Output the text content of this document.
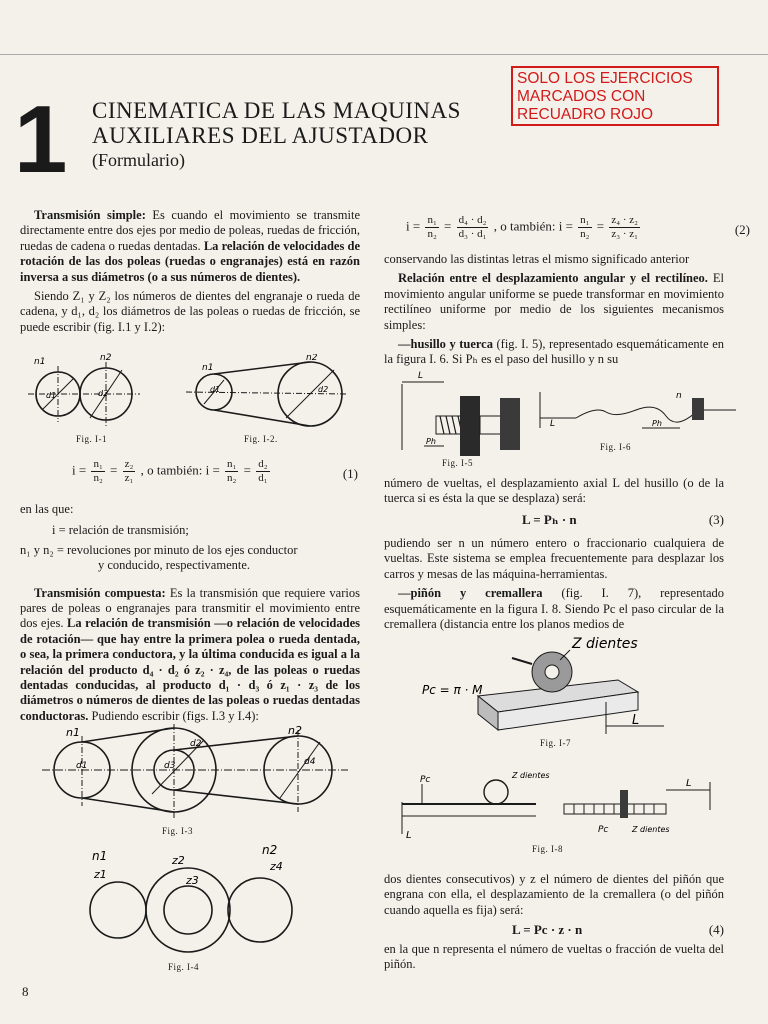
1 CINEMATICA DE LAS MAQUINAS
AUXILIARES DEL AJUSTADOR
(Formulario)
SOLO LOS EJERCICIOS
MARCADOS CON
RECUADRO ROJO

Transmisión simple: Es cuando el movimiento se transmite directamente entre dos ejes por medio de poleas, ruedas de fricción, ruedas de cadena o ruedas dentadas. La relación de velocidades de rotación de las dos poleas (ruedas o engranajes) está en razón inversa a sus diámetros (o a sus números de dientes).

Siendo Z₁ y Z₂ los números de dientes del engranaje o rueda de cadena, y d₁, d₂ los diámetros de las poleas o ruedas de fricción, se puede escribir (fig. I.1 y I.2):

n1	n2
d1	d2
Fig. I-1
n1
n2
d1	d2
Fig. I-2.
$i = \frac{\text{n₁}}{\text{n₂}} = \frac{\text{z₂}}{\text{z₁}}$ , o también: $i = \frac{\text{n₁}}{\text{n₂}} = \frac{\text{d₂}}{\text{d₁}}$	(1)

en las que:

i = relación de transmisión;

n₁ y n₂ = revoluciones por minuto de los ejes conductor

y conducido, respectivamente.

Transmisión compuesta: Es la transmisión que requiere varios pares de poleas o engranajes para transmitir el movimiento entre dos ejes. La relación de transmisión —o relación de velocidades de rotación— que hay entre la primera polea o rueda dentada, o sea, la primera conductora, y la última conducida es igual a la relación del producto d₄ · d₂ ó z₂ · z₄, de las poleas o ruedas dentadas conducidas, al producto d₁ · d₃ ó z₁ · z₃ de los diámetros o números de dientes de las poleas o ruedas dentadas conductoras. Pudiendo escribir (figs. I.3 y I.4):

n1
d1	d3
d2
n2
d4
Fig. I-3
n1
z1
z2
z3
n2
z4
Fig. I-4
$i = \frac{\text{n₁}}{\text{n₂}} = \frac{\text{d₄ · d₂}}{\text{d₃ · d₁}}$ , o también: $i = \frac{\text{n₁}}{\text{n₂}} = \frac{\text{z₄ · z₂}}{\text{z₃ · z₁}}$	(2)

conservando las distintas letras el mismo significado anterior

Relación entre el desplazamiento angular y el rectilíneo. El movimiento angular uniforme se puede transformar en movimiento rectilíneo uniforme por medio de los siguientes mecanismos simples:

—husillo y tuerca (fig. I. 5), representado esquemáticamente en la figura I. 6. Si Pₕ es el paso del husillo y n su

L
Ph
Fig. I-5
L
n
Ph
Fig. I-6

número de vueltas, el desplazamiento axial L del husillo (o de la tuerca si es ésta la que se desplaza) será:

L = Pₕ · n	(3)

pudiendo ser n un número entero o fraccionario cualquiera de vueltas. Este sistema se emplea frecuentemente para desplazar los carros y mesas de las máquina-herramientas.

—piñón y cremallera (fig. I. 7), representado esquemáticamente en la figura I. 8. Siendo Pc el paso circular de la cremallera (distancia entre los planos medios de

Z dientes
Pc = π · M
L
Fig. I-7
Pc	Z dientes
L
L
Pc	Z dientes
Fig. I-8

dos dientes consecutivos) y z el número de dientes del piñón que engrana con ella, el desplazamiento de la cremallera (o del piñón cuando aquella es fija) será:

L = Pc · z · n	(4)

en la que n representa el número de vueltas o fracción de vuelta del piñón.

8
